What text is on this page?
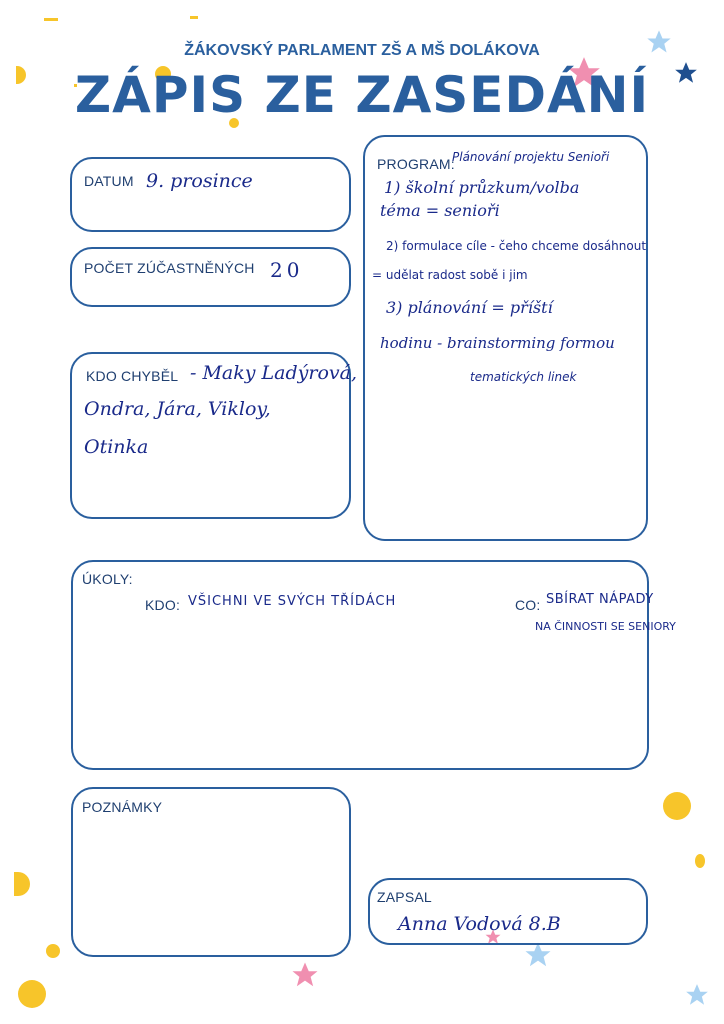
ŽÁKOVSKÝ PARLAMENT ZŠ A MŠ DOLÁKOVA
ZÁPIS ZE ZASEDÁNÍ
DATUM 9. prosince
POČET ZÚČASTNĚNÝCH 20
KDO CHYBĚL - Maky Ladýrová,
Ondra, Jára, Vikloy,
Otinka
PROGRAM:
Plánování projektu Senioři
1) školní průzkum/volba
téma = senioři
2) formulace cíle - čeho chceme dosáhnout
= udělat radost sobě i jim
3) plánování = příští
hodinu - brainstorming formou
tematických linek
ÚKOLY:
KDO: VŠICHNI VE SVÝCH TŘÍDÁCH	CO: SBÍRAT NÁPADY
NA ČINNOSTI SE SENIORY
POZNÁMKY
ZAPSAL
Anna Vodová 8.B
